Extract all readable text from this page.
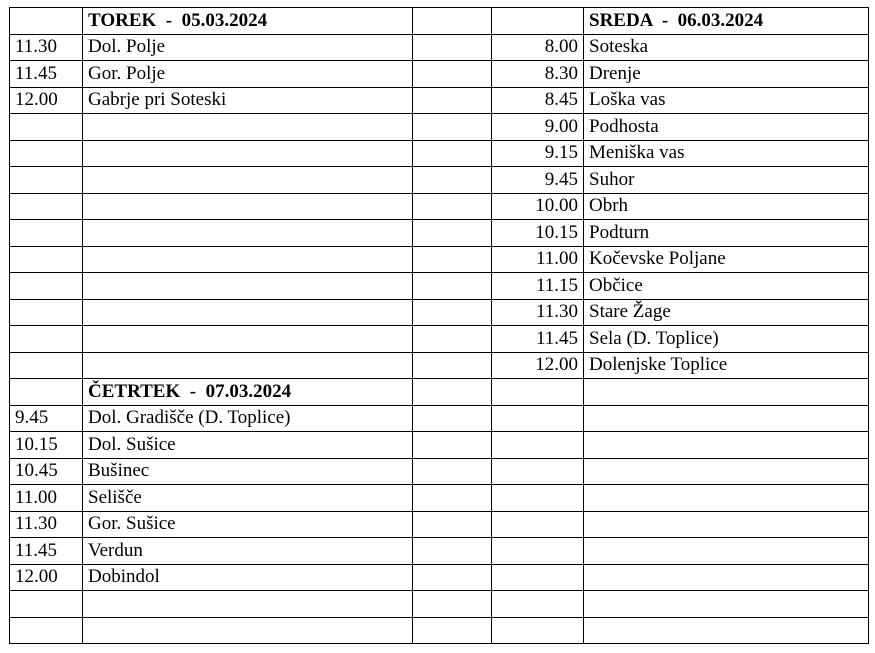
	TOREK  -  05.03.2024			SREDA  -  06.03.2024
11.30	Dol. Polje		8.00	Soteska
11.45	Gor. Polje		8.30	Drenje
12.00	Gabrje pri Soteski		8.45	Loška vas
			9.00	Podhosta
			9.15	Meniška vas
			9.45	Suhor
			10.00	Obrh
			10.15	Podturn
			11.00	Kočevske Poljane
			11.15	Občice
			11.30	Stare Žage
			11.45	Sela (D. Toplice)
			12.00	Dolenjske Toplice
	ČETRTEK  -  07.03.2024			
9.45	Dol. Gradišče (D. Toplice)			
10.15	Dol. Sušice			
10.45	Bušinec			
11.00	Selišče			
11.30	Gor. Sušice			
11.45	Verdun			
12.00	Dobindol			
